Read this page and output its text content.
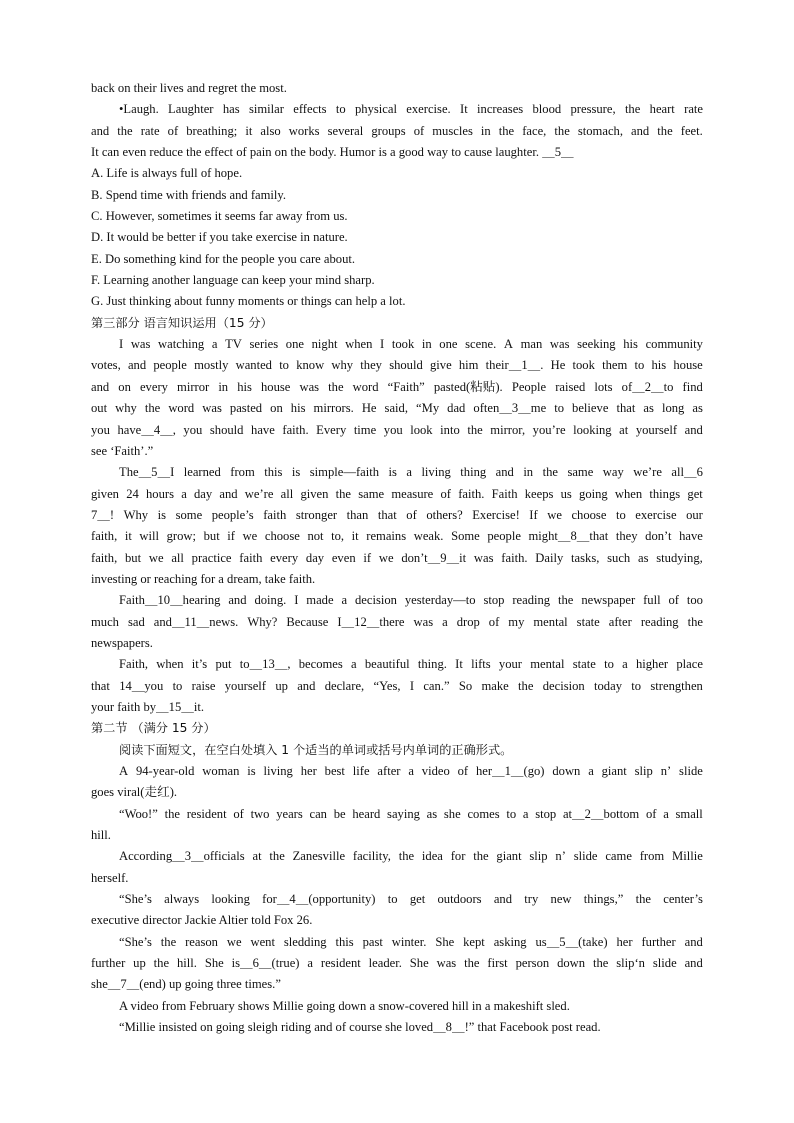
back on their lives and regret the most.
•Laugh. Laughter has similar effects to physical exercise. It increases blood pressure, the heart rate
and the rate of breathing; it also works several groups of muscles in the face, the stomach, and the feet.
It can even reduce the effect of pain on the body. Humor is a good way to cause laughter. ＿5＿
A. Life is always full of hope.
B. Spend time with friends and family.
C. However, sometimes it seems far away from us.
D. It would be better if you take exercise in nature.
E. Do something kind for the people you care about.
F. Learning another language can keep your mind sharp.
G. Just thinking about funny moments or things can help a lot.
第三部分 语言知识运用（15 分）
I was watching a TV series one night when I took in one scene. A man was seeking his community
votes, and people mostly wanted to know why they should give him their＿1＿. He took them to his house
and on every mirror in his house was the word “Faith” pasted(粘贴). People raised lots of＿2＿to find
out why the word was pasted on his mirrors. He said, “My dad often＿3＿me to believe that as long as
you have＿4＿, you should have faith. Every time you look into the mirror, you’re looking at yourself and
see ‘Faith’.”
The＿5＿I learned from this is simple—faith is a living thing and in the same way we’re all＿6
given 24 hours a day and we’re all given the same measure of faith. Faith keeps us going when things get
7＿! Why is some people’s faith stronger than that of others? Exercise! If we choose to exercise our
faith, it will grow; but if we choose not to, it remains weak. Some people might＿8＿that they don’t have
faith, but we all practice faith every day even if we don’t＿9＿it was faith. Daily tasks, such as studying,
investing or reaching for a dream, take faith.
Faith＿10＿hearing and doing. I made a decision yesterday—to stop reading the newspaper full of too
much sad and＿11＿news. Why? Because I＿12＿there was a drop of my mental state after reading the
newspapers.
Faith, when it’s put to＿13＿, becomes a beautiful thing. It lifts your mental state to a higher place
that 14＿you to raise yourself up and declare, “Yes, I can.” So make the decision today to strengthen
your faith by＿15＿it.
第二节 （满分 15 分）
阅读下面短文，在空白处填入 1 个适当的单词或括号内单词的正确形式。
A 94-year-old woman is living her best life after a video of her＿1＿(go) down a giant slip n’ slide
goes viral(走红).
“Woo!” the resident of two years can be heard saying as she comes to a stop at＿2＿bottom of a small
hill.
According＿3＿officials at the Zanesville facility, the idea for the giant slip n’ slide came from Millie
herself.
“She’s always looking for＿4＿(opportunity) to get outdoors and try new things,” the center’s
executive director Jackie Altier told Fox 26.
“She’s the reason we went sledding this past winter. She kept asking us＿5＿(take) her further and
further up the hill. She is＿6＿(true) a resident leader. She was the first person down the slip‘n slide and
she＿7＿(end) up going three times.”
A video from February shows Millie going down a snow-covered hill in a makeshift sled.
“Millie insisted on going sleigh riding and of course she loved＿8＿!” that Facebook post read.
